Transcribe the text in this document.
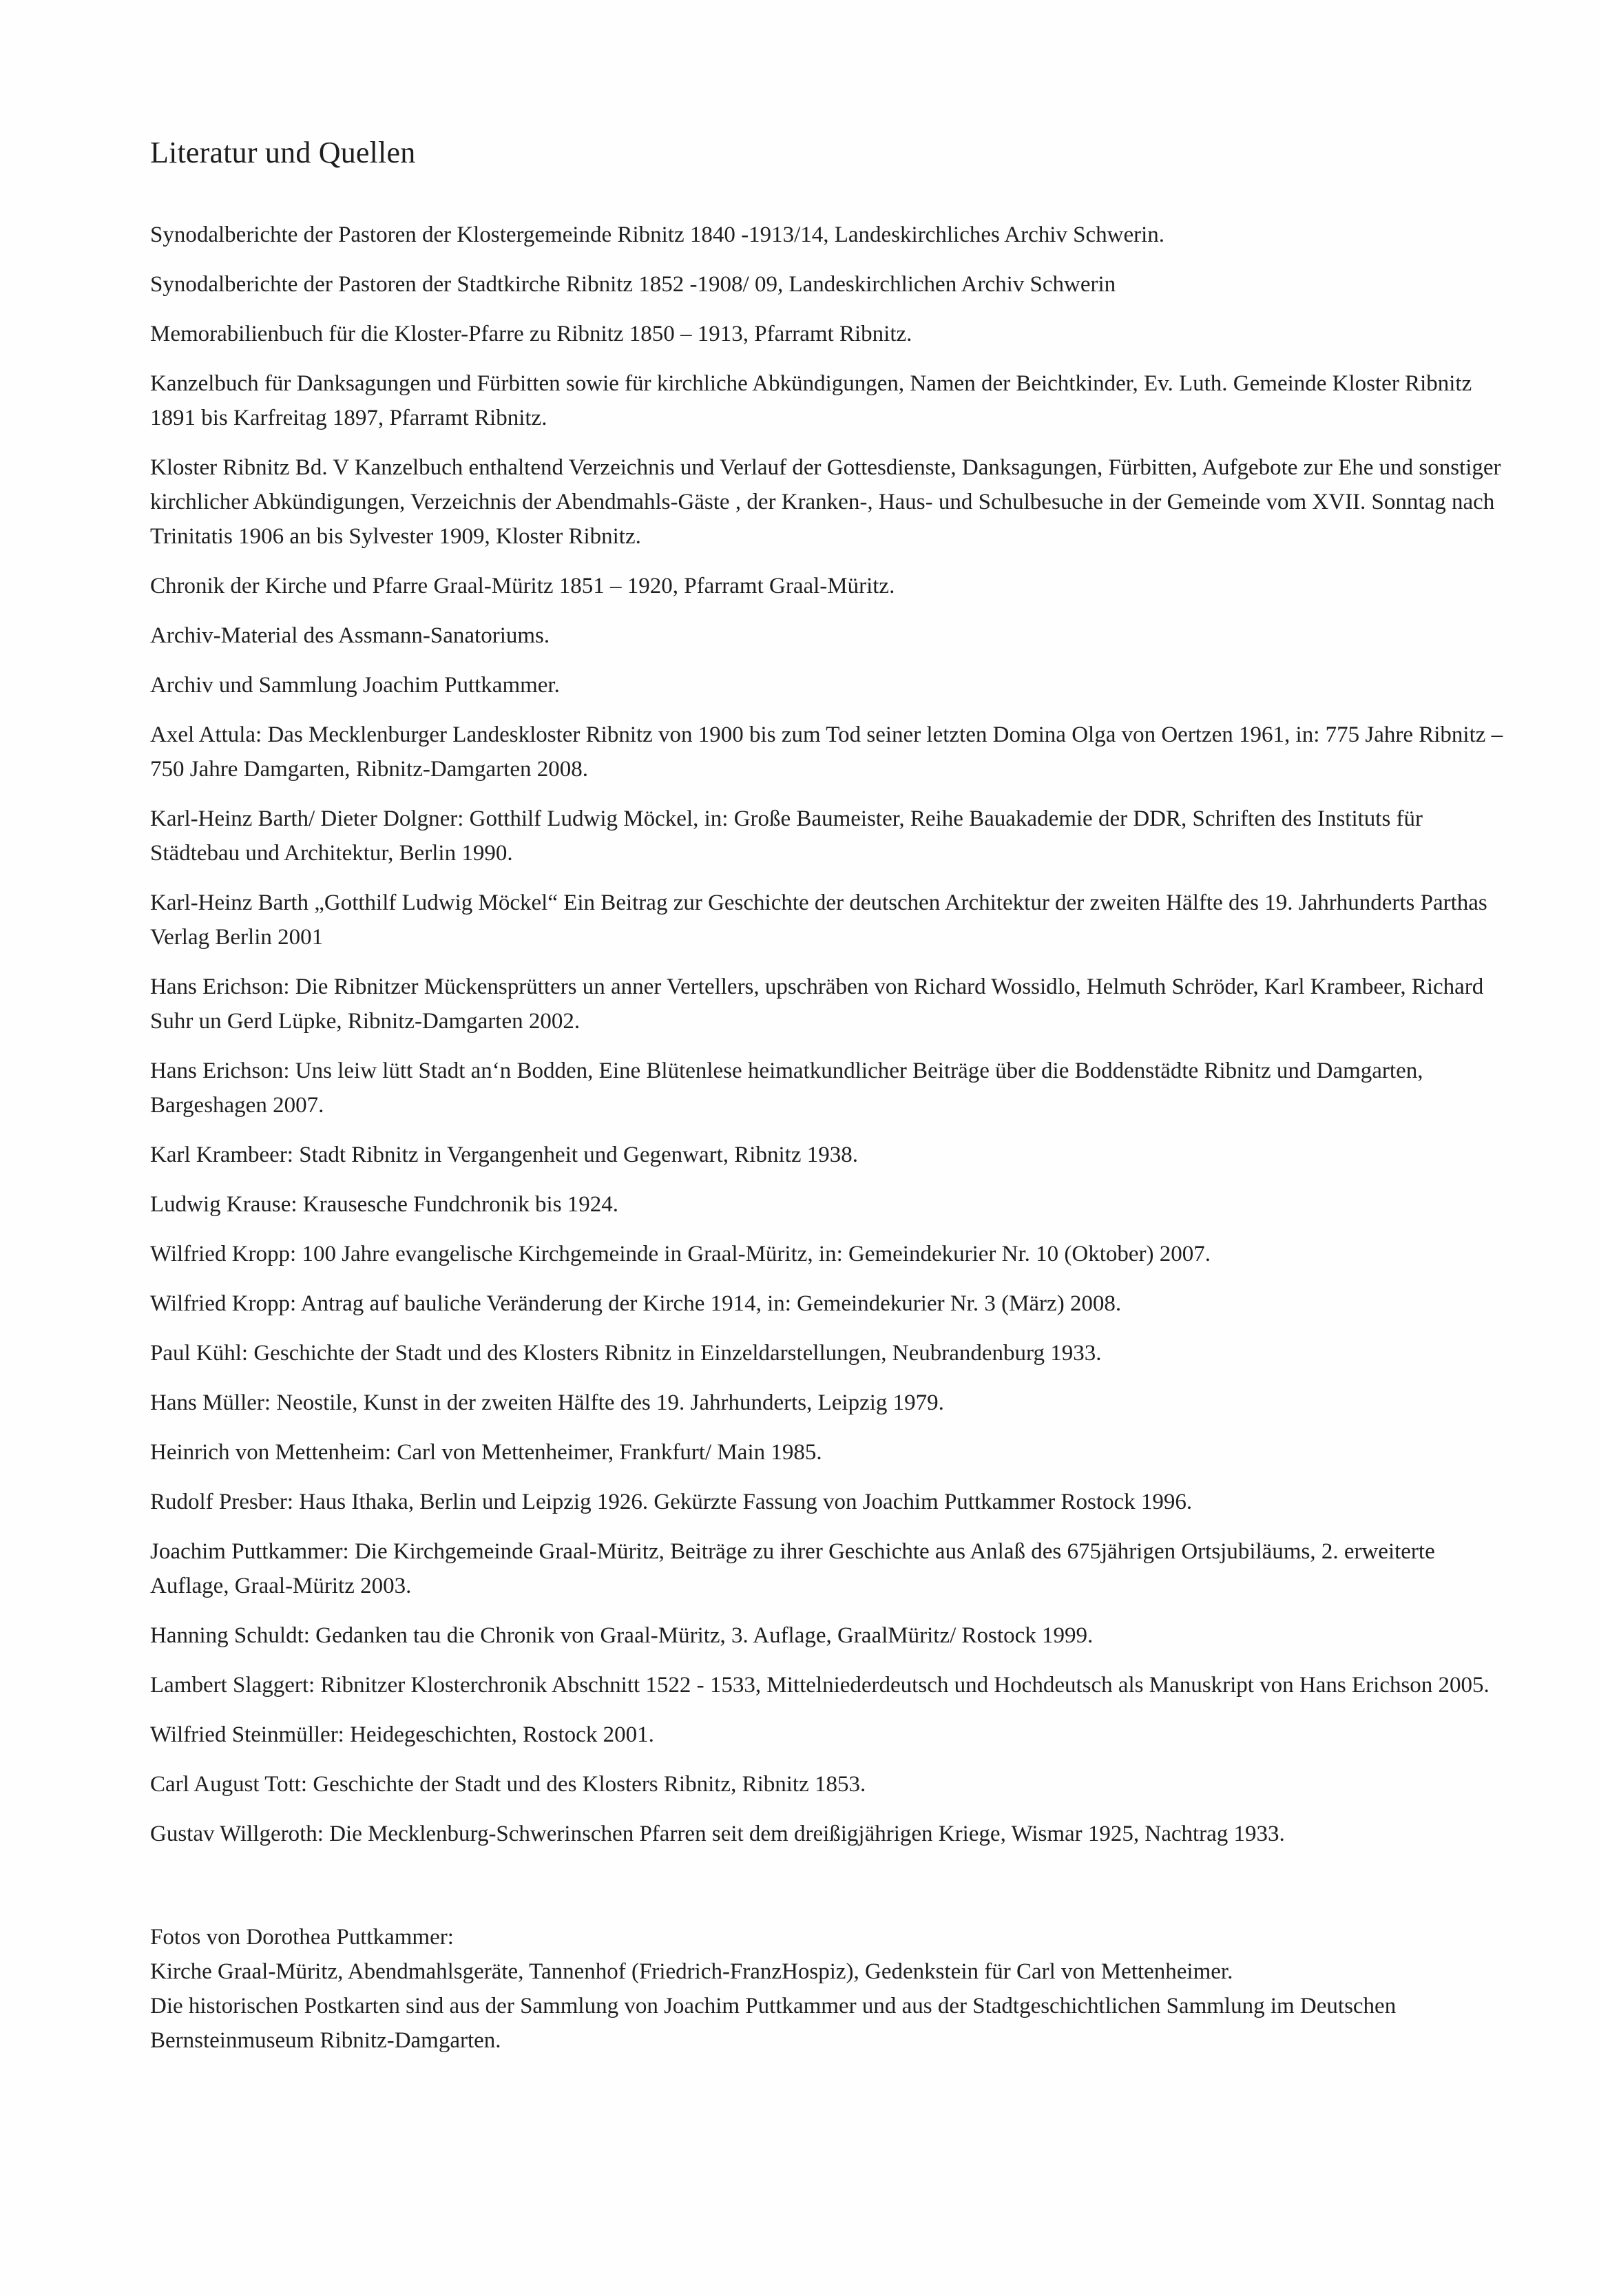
Literatur und Quellen
Synodalberichte der Pastoren der Klostergemeinde Ribnitz 1840 -1913/14, Landeskirchliches Archiv Schwerin.
Synodalberichte der Pastoren der Stadtkirche Ribnitz 1852 -1908/ 09, Landeskirchlichen Archiv Schwerin
Memorabilienbuch für die Kloster-Pfarre zu Ribnitz 1850 – 1913, Pfarramt Ribnitz.
Kanzelbuch für Danksagungen und Fürbitten sowie für kirchliche Abkündigungen, Namen der Beichtkinder, Ev. Luth. Gemeinde Kloster Ribnitz 1891 bis Karfreitag 1897, Pfarramt Ribnitz.
Kloster Ribnitz Bd. V Kanzelbuch enthaltend Verzeichnis und Verlauf der Gottesdienste, Danksagungen, Fürbitten, Aufgebote zur Ehe und sonstiger kirchlicher Abkündigungen, Verzeichnis der Abendmahls-Gäste , der Kranken-, Haus- und Schulbesuche in der Gemeinde vom XVII. Sonntag nach Trinitatis 1906 an bis Sylvester 1909, Kloster Ribnitz.
Chronik der Kirche und Pfarre Graal-Müritz 1851 – 1920, Pfarramt Graal-Müritz.
Archiv-Material des Assmann-Sanatoriums.
Archiv und Sammlung Joachim Puttkammer.
Axel Attula: Das Mecklenburger Landeskloster Ribnitz von 1900 bis zum Tod seiner letzten Domina Olga von Oertzen 1961, in: 775 Jahre Ribnitz – 750 Jahre Damgarten, Ribnitz-Damgarten 2008.
Karl-Heinz Barth/ Dieter Dolgner: Gotthilf Ludwig Möckel, in: Große Baumeister, Reihe Bauakademie der DDR, Schriften des Instituts für Städtebau und Architektur, Berlin 1990.
Karl-Heinz Barth „Gotthilf Ludwig Möckel“ Ein Beitrag zur Geschichte der deutschen Architektur der zweiten Hälfte des 19. Jahrhunderts Parthas Verlag Berlin 2001
Hans Erichson: Die Ribnitzer Mückensprütters un anner Vertellers, upschräben von Richard Wossidlo, Helmuth Schröder, Karl Krambeer, Richard Suhr un Gerd Lüpke, Ribnitz-Damgarten 2002.
Hans Erichson: Uns leiw lütt Stadt an‘n Bodden, Eine Blütenlese heimatkundlicher Beiträge über die Boddenstädte Ribnitz und Damgarten, Bargeshagen 2007.
Karl Krambeer: Stadt Ribnitz in Vergangenheit und Gegenwart, Ribnitz 1938.
Ludwig Krause: Krausesche Fundchronik bis 1924.
Wilfried Kropp: 100 Jahre evangelische Kirchgemeinde in Graal-Müritz, in: Gemeindekurier Nr. 10 (Oktober) 2007.
Wilfried Kropp: Antrag auf bauliche Veränderung der Kirche 1914, in: Gemeindekurier Nr. 3 (März) 2008.
Paul Kühl: Geschichte der Stadt und des Klosters Ribnitz in Einzeldarstellungen, Neubrandenburg 1933.
Hans Müller: Neostile, Kunst in der zweiten Hälfte des 19. Jahrhunderts, Leipzig 1979.
Heinrich von Mettenheim: Carl von Mettenheimer, Frankfurt/ Main 1985.
Rudolf Presber: Haus Ithaka, Berlin und Leipzig 1926. Gekürzte Fassung von Joachim Puttkammer Rostock 1996.
Joachim Puttkammer: Die Kirchgemeinde Graal-Müritz, Beiträge zu ihrer Geschichte aus Anlaß des 675jährigen Ortsjubiläums, 2. erweiterte Auflage, Graal-Müritz 2003.
Hanning Schuldt: Gedanken tau die Chronik von Graal-Müritz, 3. Auflage, GraalMüritz/ Rostock 1999.
Lambert Slaggert: Ribnitzer Klosterchronik Abschnitt 1522 - 1533, Mittelniederdeutsch und Hochdeutsch als Manuskript von Hans Erichson 2005.
Wilfried Steinmüller: Heidegeschichten, Rostock 2001.
Carl August Tott: Geschichte der Stadt und des Klosters Ribnitz, Ribnitz 1853.
Gustav Willgeroth: Die Mecklenburg-Schwerinschen Pfarren seit dem dreißigjährigen Kriege, Wismar 1925, Nachtrag 1933.
Fotos von Dorothea Puttkammer:
Kirche Graal-Müritz, Abendmahlsgeräte, Tannenhof (Friedrich-FranzHospiz), Gedenkstein für Carl von Mettenheimer.
Die historischen Postkarten sind aus der Sammlung von Joachim Puttkammer und aus der Stadtgeschichtlichen Sammlung im Deutschen Bernsteinmuseum Ribnitz-Damgarten.
